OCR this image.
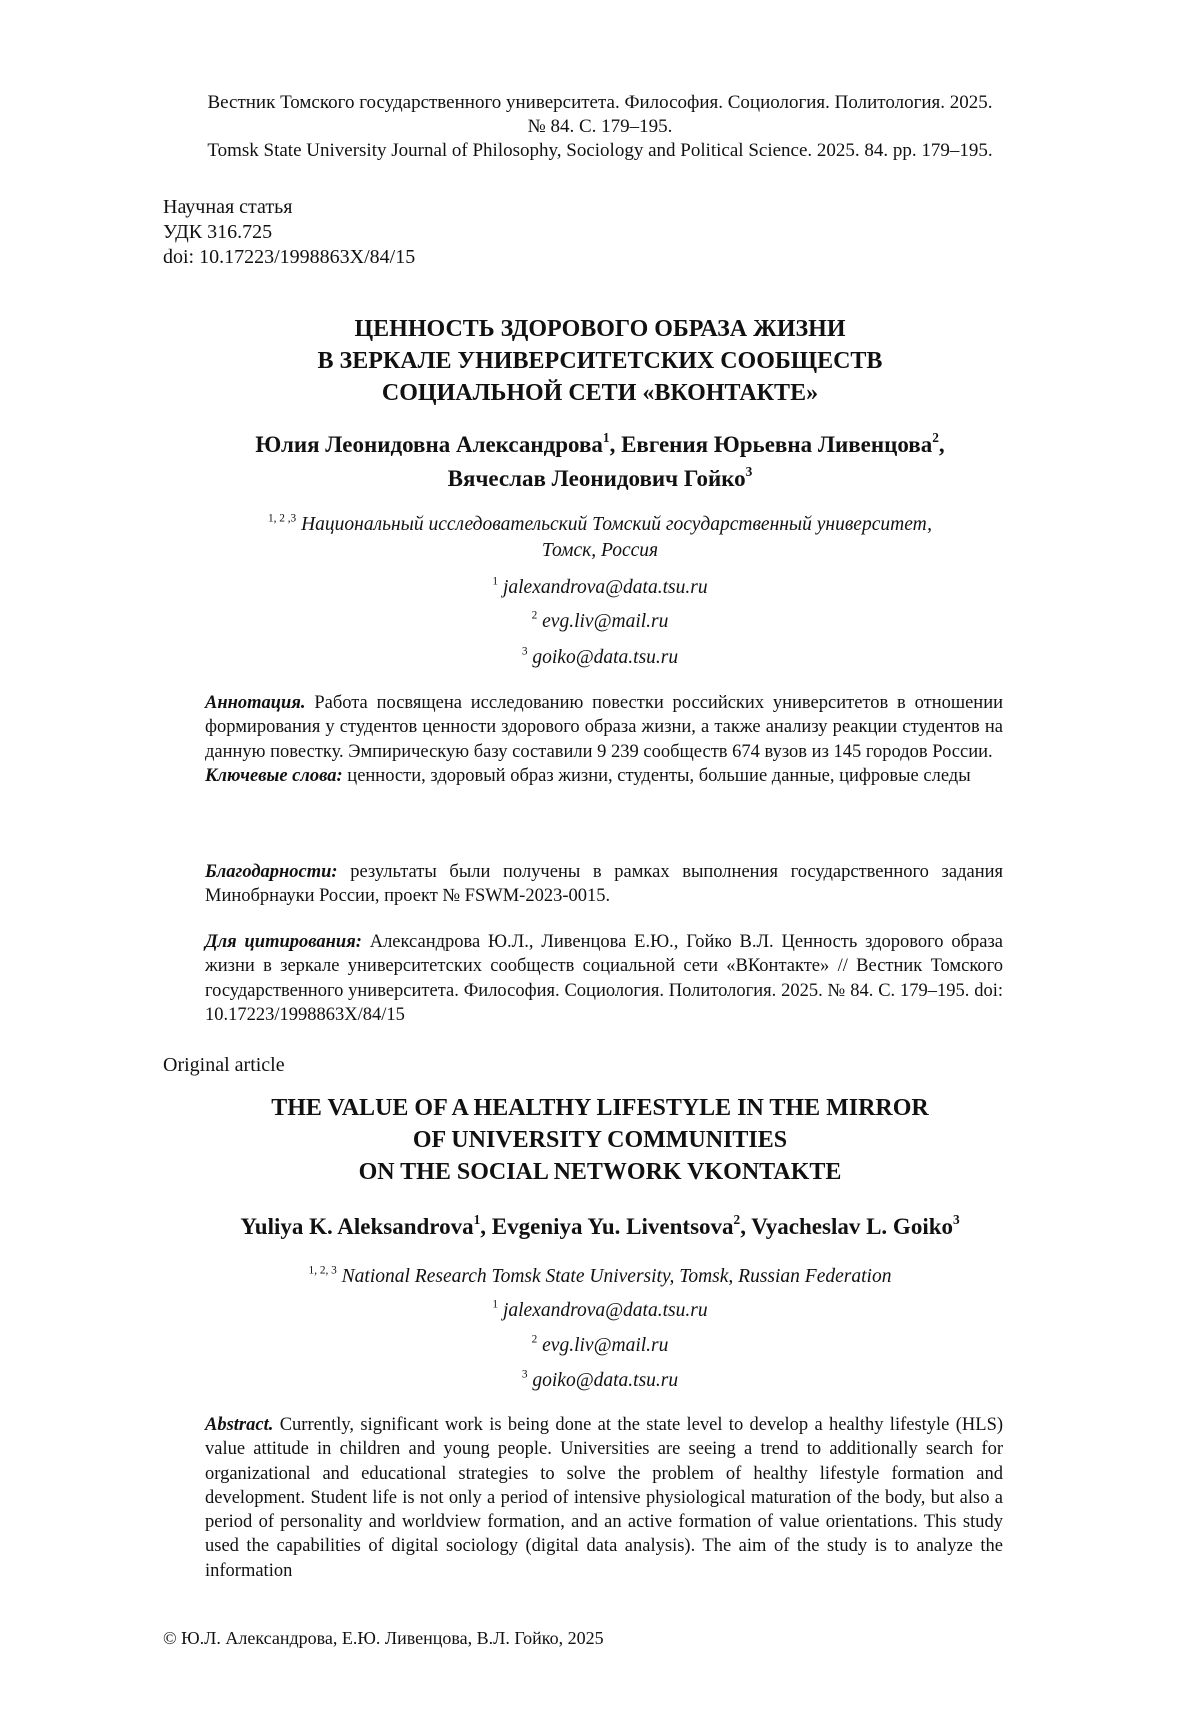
Вестник Томского государственного университета. Философия. Социология. Политология. 2025.
№ 84. С. 179–195.
Tomsk State University Journal of Philosophy, Sociology and Political Science. 2025. 84. pp. 179–195.
Научная статья
УДК 316.725
doi: 10.17223/1998863X/84/15
ЦЕННОСТЬ ЗДОРОВОГО ОБРАЗА ЖИЗНИ
В ЗЕРКАЛЕ УНИВЕРСИТЕТСКИХ СООБЩЕСТВ
СОЦИАЛЬНОЙ СЕТИ «ВКОНТАКТЕ»
Юлия Леонидовна Александрова$^1$, Евгения Юрьевна Ливенцова$^2$,
Вячеслав Леонидович Гойко$^3$
$^{1, 2 ,3}$ Национальный исследовательский Томский государственный университет,
Томск, Россия
$^1$ jalexandrova@data.tsu.ru
$^2$ evg.liv@mail.ru
$^3$ goiko@data.tsu.ru
Аннотация. Работа посвящена исследованию повестки российских университетов в отношении формирования у студентов ценности здорового образа жизни, а также анализу реакции студентов на данную повестку. Эмпирическую базу составили 9 239 сообществ 674 вузов из 145 городов России.
Ключевые слова: ценности, здоровый образ жизни, студенты, большие данные, цифровые следы
Благодарности: результаты были получены в рамках выполнения государственного задания Минобрнауки России, проект № FSWM-2023-0015.
Для цитирования: Александрова Ю.Л., Ливенцова Е.Ю., Гойко В.Л. Ценность здорового образа жизни в зеркале университетских сообществ социальной сети «ВКонтакте» // Вестник Томского государственного университета. Философия. Социология. Политология. 2025. № 84. С. 179–195. doi: 10.17223/1998863X/84/15
Original article
THE VALUE OF A HEALTHY LIFESTYLE IN THE MIRROR
OF UNIVERSITY COMMUNITIES
ON THE SOCIAL NETWORK VKONTAKTE
Yuliya K. Aleksandrova$^1$, Evgeniya Yu. Liventsova$^2$, Vyacheslav L. Goiko$^3$
$^{1, 2, 3}$ National Research Tomsk State University, Tomsk, Russian Federation
$^1$ jalexandrova@data.tsu.ru
$^2$ evg.liv@mail.ru
$^3$ goiko@data.tsu.ru
Abstract. Currently, significant work is being done at the state level to develop a healthy lifestyle (HLS) value attitude in children and young people. Universities are seeing a trend to additionally search for organizational and educational strategies to solve the problem of healthy lifestyle formation and development. Student life is not only a period of intensive physiological maturation of the body, but also a period of personality and worldview formation, and an active formation of value orientations. This study used the capabilities of digital sociology (digital data analysis). The aim of the study is to analyze the information
© Ю.Л. Александрова, Е.Ю. Ливенцова, В.Л. Гойко, 2025
